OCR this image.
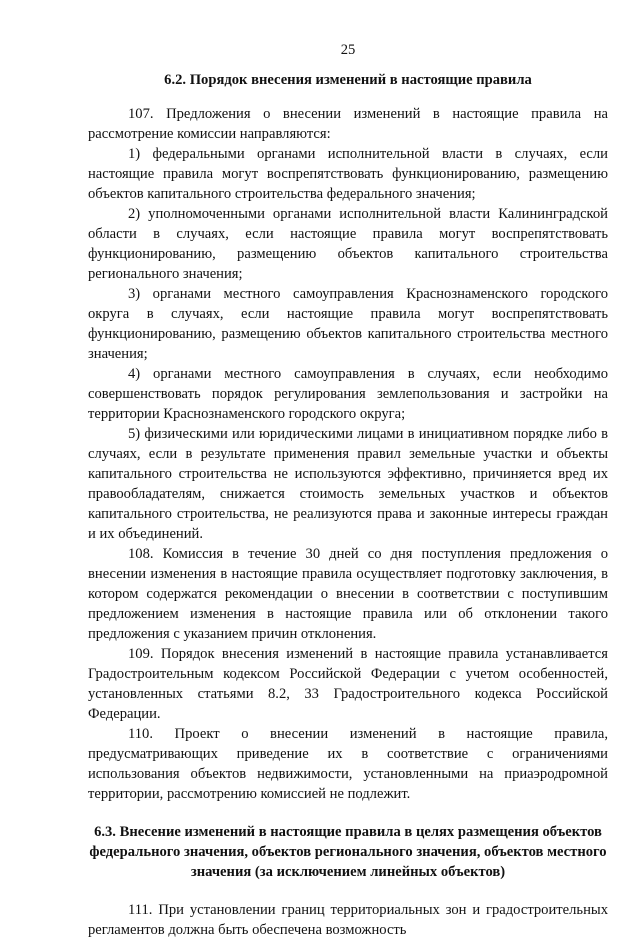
25
6.2. Порядок внесения изменений в настоящие правила

107. Предложения о внесении изменений в настоящие правила на рассмотрение комиссии направляются:

1) федеральными органами исполнительной власти в случаях, если настоящие правила могут воспрепятствовать функционированию, размещению объектов капитального строительства федерального значения;

2) уполномоченными органами исполнительной власти Калининградской области в случаях, если настоящие правила могут воспрепятствовать функционированию, размещению объектов капитального строительства регионального значения;

3) органами местного самоуправления Краснознаменского городского округа в случаях, если настоящие правила могут воспрепятствовать функционированию, размещению объектов капитального строительства местного значения;

4) органами местного самоуправления в случаях, если необходимо совершенствовать порядок регулирования землепользования и застройки на территории Краснознаменского городского округа;

5) физическими или юридическими лицами в инициативном порядке либо в случаях, если в результате применения правил земельные участки и объекты капитального строительства не используются эффективно, причиняется вред их правообладателям, снижается стоимость земельных участков и объектов капитального строительства, не реализуются права и законные интересы граждан и их объединений.

108. Комиссия в течение 30 дней со дня поступления предложения о внесении изменения в настоящие правила осуществляет подготовку заключения, в котором содержатся рекомендации о внесении в соответствии с поступившим предложением изменения в настоящие правила или об отклонении такого предложения с указанием причин отклонения.

109. Порядок внесения изменений в настоящие правила устанавливается Градостроительным кодексом Российской Федерации с учетом особенностей, установленных статьями 8.2, 33 Градостроительного кодекса Российской Федерации.

110. Проект о внесении изменений в настоящие правила, предусматривающих приведение их в соответствие с ограничениями использования объектов недвижимости, установленными на приаэродромной территории, рассмотрению комиссией не подлежит.

6.3. Внесение изменений в настоящие правила в целях размещения объектов федерального значения, объектов регионального значения, объектов местного значения (за исключением линейных объектов)

111. При установлении границ территориальных зон и градостроительных регламентов должна быть обеспечена возможность
